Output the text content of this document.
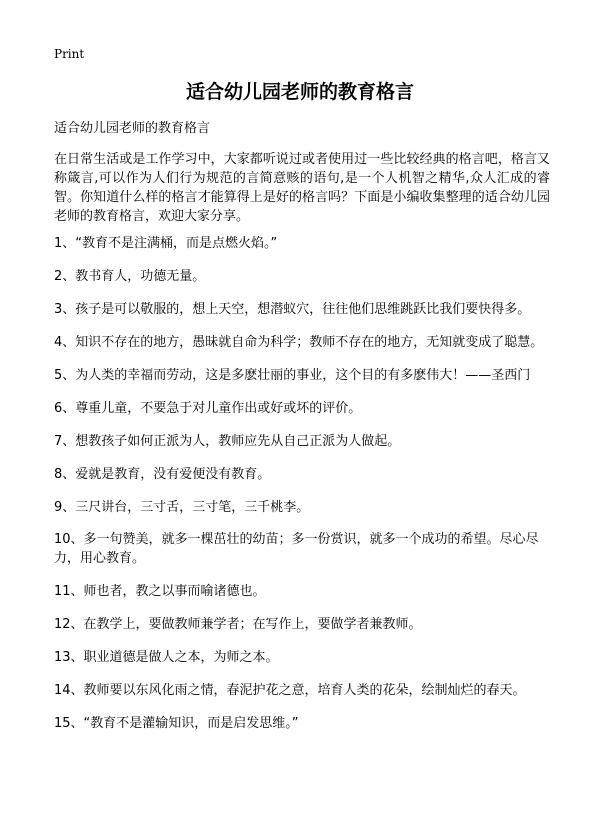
Print
适合幼儿园老师的教育格言

适合幼儿园老师的教育格言

在日常生活或是工作学习中，大家都听说过或者使用过一些比较经典的格言吧，格言又称箴言,可以作为人们行为规范的言简意赅的语句,是一个人机智之精华,众人汇成的睿智。你知道什么样的格言才能算得上是好的格言吗？下面是小编收集整理的适合幼儿园老师的教育格言，欢迎大家分享。

1、“教育不是注满桶，而是点燃火焰。”
2、教书育人，功德无量。
3、孩子是可以敬服的，想上天空，想潜蚁穴，往往他们思维跳跃比我们要快得多。
4、知识不存在的地方，愚昧就自命为科学；教师不存在的地方，无知就变成了聪慧。
5、为人类的幸福而劳动，这是多麽壮丽的事业，这个目的有多麽伟大！——圣西门
6、尊重儿童，不要急于对儿童作出或好或坏的评价。
7、想教孩子如何正派为人，教师应先从自己正派为人做起。
8、爱就是教育，没有爱便没有教育。
9、三尺讲台，三寸舌，三寸笔，三千桃李。
10、多一句赞美，就多一棵茁壮的幼苗；多一份赏识，就多一个成功的希望。尽心尽力，用心教育。
11、师也者，教之以事而喻诸德也。
12、在教学上，要做教师兼学者；在写作上，要做学者兼教师。
13、职业道德是做人之本，为师之本。
14、教师要以东风化雨之情，春泥护花之意，培育人类的花朵，绘制灿烂的春天。
15、“教育不是灌输知识，而是启发思维。”
